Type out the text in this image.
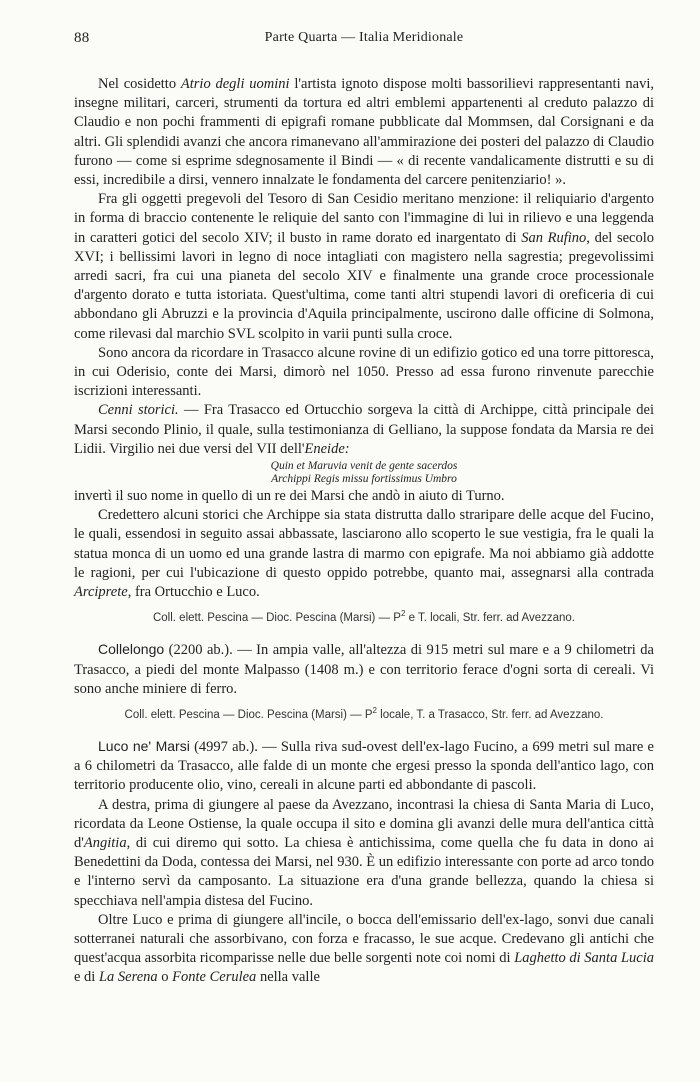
88	Parte Quarta — Italia Meridionale

Nel cosidetto Atrio degli uomini l'artista ignoto dispose molti bassorilievi rappresentanti navi, insegne militari, carceri, strumenti da tortura ed altri emblemi appartenenti al creduto palazzo di Claudio e non pochi frammenti di epigrafi romane pubblicate dal Mommsen, dal Corsignani e da altri. Gli splendidi avanzi che ancora rimanevano all'ammirazione dei posteri del palazzo di Claudio furono — come si esprime sdegnosamente il Bindi — « di recente vandalicamente distrutti e su di essi, incredibile a dirsi, vennero innalzate le fondamenta del carcere penitenziario! ».

Fra gli oggetti pregevoli del Tesoro di San Cesidio meritano menzione: il reliquiario d'argento in forma di braccio contenente le reliquie del santo con l'immagine di lui in rilievo e una leggenda in caratteri gotici del secolo XIV; il busto in rame dorato ed inargentato di San Rufino, del secolo XVI; i bellissimi lavori in legno di noce intagliati con magistero nella sagrestia; pregevolissimi arredi sacri, fra cui una pianeta del secolo XIV e finalmente una grande croce processionale d'argento dorato e tutta istoriata. Quest'ultima, come tanti altri stupendi lavori di oreficeria di cui abbondano gli Abruzzi e la provincia d'Aquila principalmente, uscirono dalle officine di Solmona, come rilevasi dal marchio SVL scolpito in varii punti sulla croce.

Sono ancora da ricordare in Trasacco alcune rovine di un edifizio gotico ed una torre pittoresca, in cui Oderisio, conte dei Marsi, dimorò nel 1050. Presso ad essa furono rinvenute parecchie iscrizioni interessanti.

Cenni storici. — Fra Trasacco ed Ortucchio sorgeva la città di Archippe, città principale dei Marsi secondo Plinio, il quale, sulla testimonianza di Gelliano, la suppose fondata da Marsia re dei Lidii. Virgilio nei due versi del VII dell'Eneide:

Quin et Maruvia venit de gente sacerdos
Archippi Regis missu fortissimus Umbro

invertì il suo nome in quello di un re dei Marsi che andò in aiuto di Turno.

Credettero alcuni storici che Archippe sia stata distrutta dallo straripare delle acque del Fucino, le quali, essendosi in seguito assai abbassate, lasciarono allo scoperto le sue vestigia, fra le quali la statua monca di un uomo ed una grande lastra di marmo con epigrafe. Ma noi abbiamo già addotte le ragioni, per cui l'ubicazione di questo oppido potrebbe, quanto mai, assegnarsi alla contrada Arciprete, fra Ortucchio e Luco.

Coll. elett. Pescina — Dioc. Pescina (Marsi) — $P^2$ e T. locali, Str. ferr. ad Avezzano.

Collelongo (2200 ab.). — In ampia valle, all'altezza di 915 metri sul mare e a 9 chilometri da Trasacco, a piedi del monte Malpasso (1408 m.) e con territorio ferace d'ogni sorta di cereali. Vi sono anche miniere di ferro.

Coll. elett. Pescina — Dioc. Pescina (Marsi) — $P^2$ locale, T. a Trasacco, Str. ferr. ad Avezzano.

Luco ne' Marsi (4997 ab.). — Sulla riva sud-ovest dell'ex-lago Fucino, a 699 metri sul mare e a 6 chilometri da Trasacco, alle falde di un monte che ergesi presso la sponda dell'antico lago, con territorio producente olio, vino, cereali in alcune parti ed abbondante di pascoli.

A destra, prima di giungere al paese da Avezzano, incontrasi la chiesa di Santa Maria di Luco, ricordata da Leone Ostiense, la quale occupa il sito e domina gli avanzi delle mura dell'antica città d'Angitia, di cui diremo qui sotto. La chiesa è antichissima, come quella che fu data in dono ai Benedettini da Doda, contessa dei Marsi, nel 930. È un edifizio interessante con porte ad arco tondo e l'interno servì da camposanto. La situazione era d'una grande bellezza, quando la chiesa si specchiava nell'ampia distesa del Fucino.

Oltre Luco e prima di giungere all'incile, o bocca dell'emissario dell'ex-lago, sonvi due canali sotterranei naturali che assorbivano, con forza e fracasso, le sue acque. Credevano gli antichi che quest'acqua assorbita ricomparisse nelle due belle sorgenti note coi nomi di Laghetto di Santa Lucia e di La Serena o Fonte Cerulea nella valle
